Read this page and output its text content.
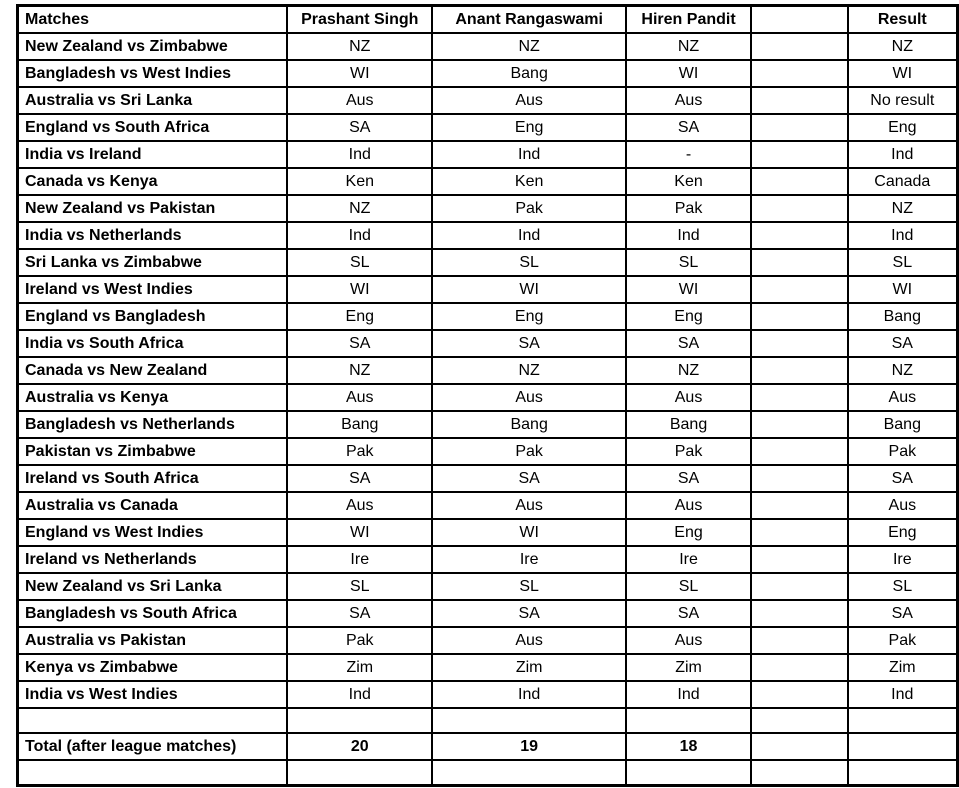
Matches	Prashant Singh	Anant Rangaswami	Hiren Pandit		Result
New Zealand vs Zimbabwe	NZ	NZ	NZ		NZ
Bangladesh vs West Indies	WI	Bang	WI		WI
Australia vs Sri Lanka	Aus	Aus	Aus		No result
England vs South Africa	SA	Eng	SA		Eng
India vs Ireland	Ind	Ind	-		Ind
Canada vs Kenya	Ken	Ken	Ken		Canada
New Zealand vs Pakistan	NZ	Pak	Pak		NZ
India vs Netherlands	Ind	Ind	Ind		Ind
Sri Lanka vs Zimbabwe	SL	SL	SL		SL
Ireland vs West Indies	WI	WI	WI		WI
England vs Bangladesh	Eng	Eng	Eng		Bang
India vs South Africa	SA	SA	SA		SA
Canada vs New Zealand	NZ	NZ	NZ		NZ
Australia vs Kenya	Aus	Aus	Aus		Aus
Bangladesh vs Netherlands	Bang	Bang	Bang		Bang
Pakistan vs Zimbabwe	Pak	Pak	Pak		Pak
Ireland vs South Africa	SA	SA	SA		SA
Australia vs Canada	Aus	Aus	Aus		Aus
England vs West Indies	WI	WI	Eng		Eng
Ireland vs Netherlands	Ire	Ire	Ire		Ire
New Zealand vs Sri Lanka	SL	SL	SL		SL
Bangladesh vs South Africa	SA	SA	SA		SA
Australia vs Pakistan	Pak	Aus	Aus		Pak
Kenya vs Zimbabwe	Zim	Zim	Zim		Zim
India vs West Indies	Ind	Ind	Ind		Ind

Total (after league matches)	20	19	18		
